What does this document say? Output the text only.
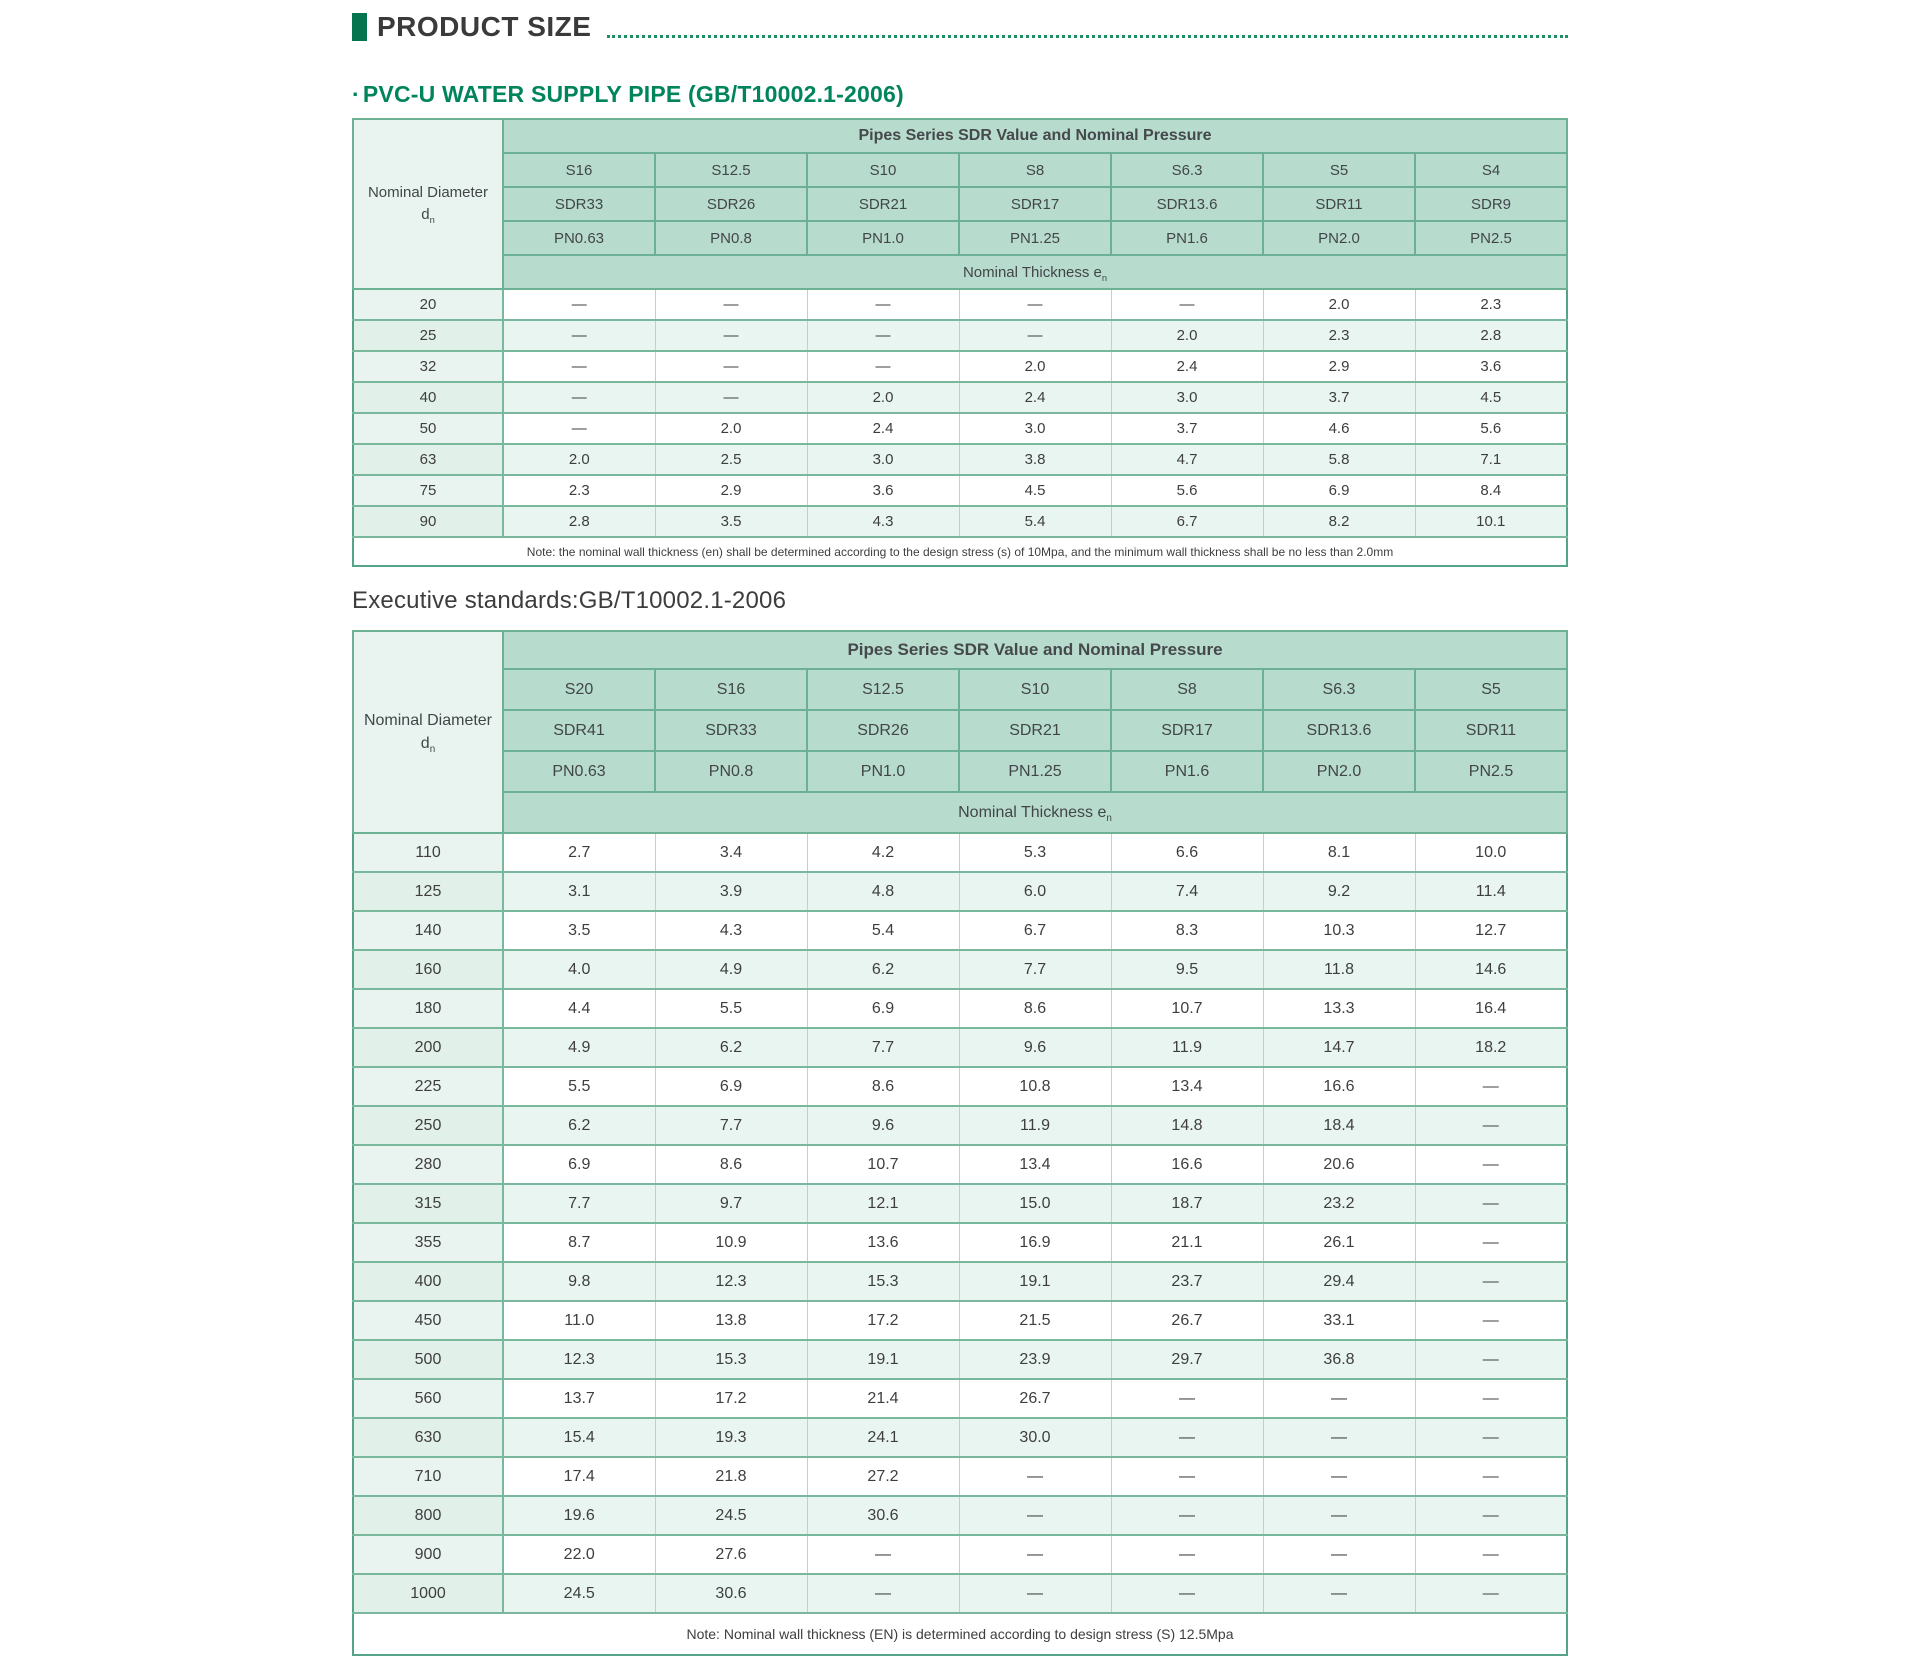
PRODUCT SIZE
· PVC-U WATER SUPPLY PIPE (GB/T10002.1-2006)
Nominal Diameter
$d_n$	Pipes Series SDR Value and Nominal Pressure						
	S16	S12.5	S10	S8	S6.3	S5	S4
	SDR33	SDR26	SDR21	SDR17	SDR13.6	SDR11	SDR9
	PN0.63	PN0.8	PN1.0	PN1.25	PN1.6	PN2.0	PN2.5
	Nominal Thickness $e_n$
20	—	—	—	—	—	2.0	2.3
25	—	—	—	—	2.0	2.3	2.8
32	—	—	—	2.0	2.4	2.9	3.6
40	—	—	2.0	2.4	3.0	3.7	4.5
50	—	2.0	2.4	3.0	3.7	4.6	5.6
63	2.0	2.5	3.0	3.8	4.7	5.8	7.1
75	2.3	2.9	3.6	4.5	5.6	6.9	8.4
90	2.8	3.5	4.3	5.4	6.7	8.2	10.1
Note: the nominal wall thickness (en) shall be determined according to the design stress (s) of 10Mpa, and the minimum wall thickness shall be no less than 2.0mm							

Executive standards:GB/T10002.1-2006

Nominal Diameter
$d_n$	Pipes Series SDR Value and Nominal Pressure						
	S20	S16	S12.5	S10	S8	S6.3	S5
	SDR41	SDR33	SDR26	SDR21	SDR17	SDR13.6	SDR11
	PN0.63	PN0.8	PN1.0	PN1.25	PN1.6	PN2.0	PN2.5
	Nominal Thickness $e_n$
110	2.7	3.4	4.2	5.3	6.6	8.1	10.0
125	3.1	3.9	4.8	6.0	7.4	9.2	11.4
140	3.5	4.3	5.4	6.7	8.3	10.3	12.7
160	4.0	4.9	6.2	7.7	9.5	11.8	14.6
180	4.4	5.5	6.9	8.6	10.7	13.3	16.4
200	4.9	6.2	7.7	9.6	11.9	14.7	18.2
225	5.5	6.9	8.6	10.8	13.4	16.6	—
250	6.2	7.7	9.6	11.9	14.8	18.4	—
280	6.9	8.6	10.7	13.4	16.6	20.6	—
315	7.7	9.7	12.1	15.0	18.7	23.2	—
355	8.7	10.9	13.6	16.9	21.1	26.1	—
400	9.8	12.3	15.3	19.1	23.7	29.4	—
450	11.0	13.8	17.2	21.5	26.7	33.1	—
500	12.3	15.3	19.1	23.9	29.7	36.8	—
560	13.7	17.2	21.4	26.7	—	—	—
630	15.4	19.3	24.1	30.0	—	—	—
710	17.4	21.8	27.2	—	—	—	—
800	19.6	24.5	30.6	—	—	—	—
900	22.0	27.6	—	—	—	—	—
1000	24.5	30.6	—	—	—	—	—
Note: Nominal wall thickness (EN) is determined according to design stress (S) 12.5Mpa							
